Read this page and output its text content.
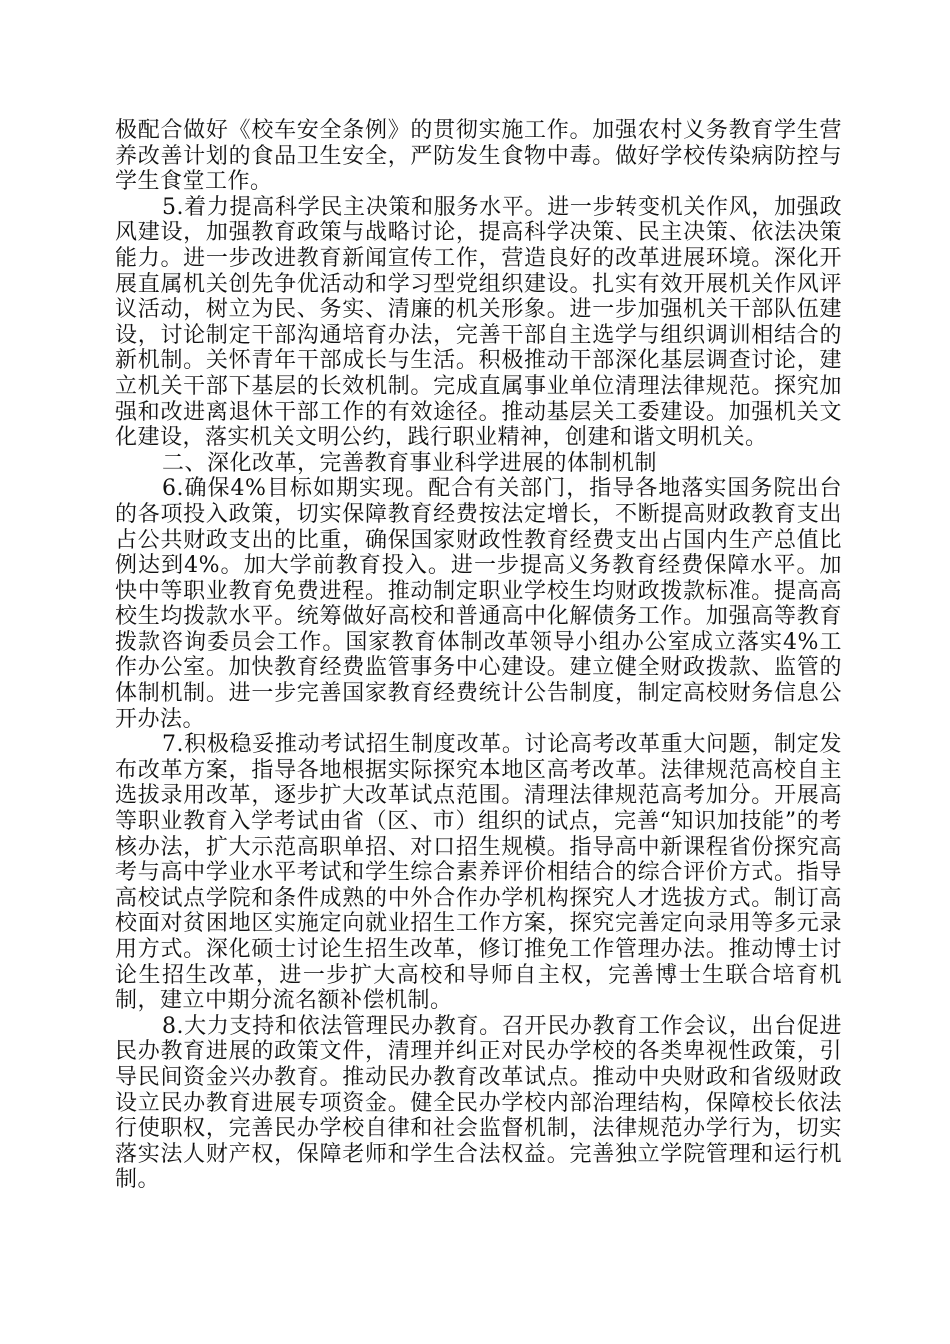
极配合做好《校车安全条例》的贯彻实施工作。加强农村义务教育学生营养改善计划的食品卫生安全，严防发生食物中毒。做好学校传染病防控与学生食堂工作。

5.着力提高科学民主决策和服务水平。进一步转变机关作风，加强政风建设，加强教育政策与战略讨论，提高科学决策、民主决策、依法决策能力。进一步改进教育新闻宣传工作，营造良好的改革进展环境。深化开展直属机关创先争优活动和学习型党组织建设。扎实有效开展机关作风评议活动，树立为民、务实、清廉的机关形象。进一步加强机关干部队伍建设，讨论制定干部沟通培育办法，完善干部自主选学与组织调训相结合的新机制。关怀青年干部成长与生活。积极推动干部深化基层调查讨论，建立机关干部下基层的长效机制。完成直属事业单位清理法律规范。探究加强和改进离退休干部工作的有效途径。推动基层关工委建设。加强机关文化建设，落实机关文明公约，践行职业精神，创建和谐文明机关。

二、深化改革，完善教育事业科学进展的体制机制

6.确保4%目标如期实现。配合有关部门，指导各地落实国务院出台的各项投入政策，切实保障教育经费按法定增长，不断提高财政教育支出占公共财政支出的比重，确保国家财政性教育经费支出占国内生产总值比例达到4%。加大学前教育投入。进一步提高义务教育经费保障水平。加快中等职业教育免费进程。推动制定职业学校生均财政拨款标准。提高高校生均拨款水平。统筹做好高校和普通高中化解债务工作。加强高等教育拨款咨询委员会工作。国家教育体制改革领导小组办公室成立落实4%工作办公室。加快教育经费监管事务中心建设。建立健全财政拨款、监管的体制机制。进一步完善国家教育经费统计公告制度，制定高校财务信息公开办法。

7.积极稳妥推动考试招生制度改革。讨论高考改革重大问题，制定发布改革方案，指导各地根据实际探究本地区高考改革。法律规范高校自主选拔录用改革，逐步扩大改革试点范围。清理法律规范高考加分。开展高等职业教育入学考试由省（区、市）组织的试点，完善“知识加技能”的考核办法，扩大示范高职单招、对口招生规模。指导高中新课程省份探究高考与高中学业水平考试和学生综合素养评价相结合的综合评价方式。指导高校试点学院和条件成熟的中外合作办学机构探究人才选拔方式。制订高校面对贫困地区实施定向就业招生工作方案，探究完善定向录用等多元录用方式。深化硕士讨论生招生改革，修订推免工作管理办法。推动博士讨论生招生改革，进一步扩大高校和导师自主权，完善博士生联合培育机制，建立中期分流名额补偿机制。

8.大力支持和依法管理民办教育。召开民办教育工作会议，出台促进民办教育进展的政策文件，清理并纠正对民办学校的各类卑视性政策，引导民间资金兴办教育。推动民办教育改革试点。推动中央财政和省级财政设立民办教育进展专项资金。健全民办学校内部治理结构，保障校长依法行使职权，完善民办学校自律和社会监督机制，法律规范办学行为，切实落实法人财产权，保障老师和学生合法权益。完善独立学院管理和运行机制。
